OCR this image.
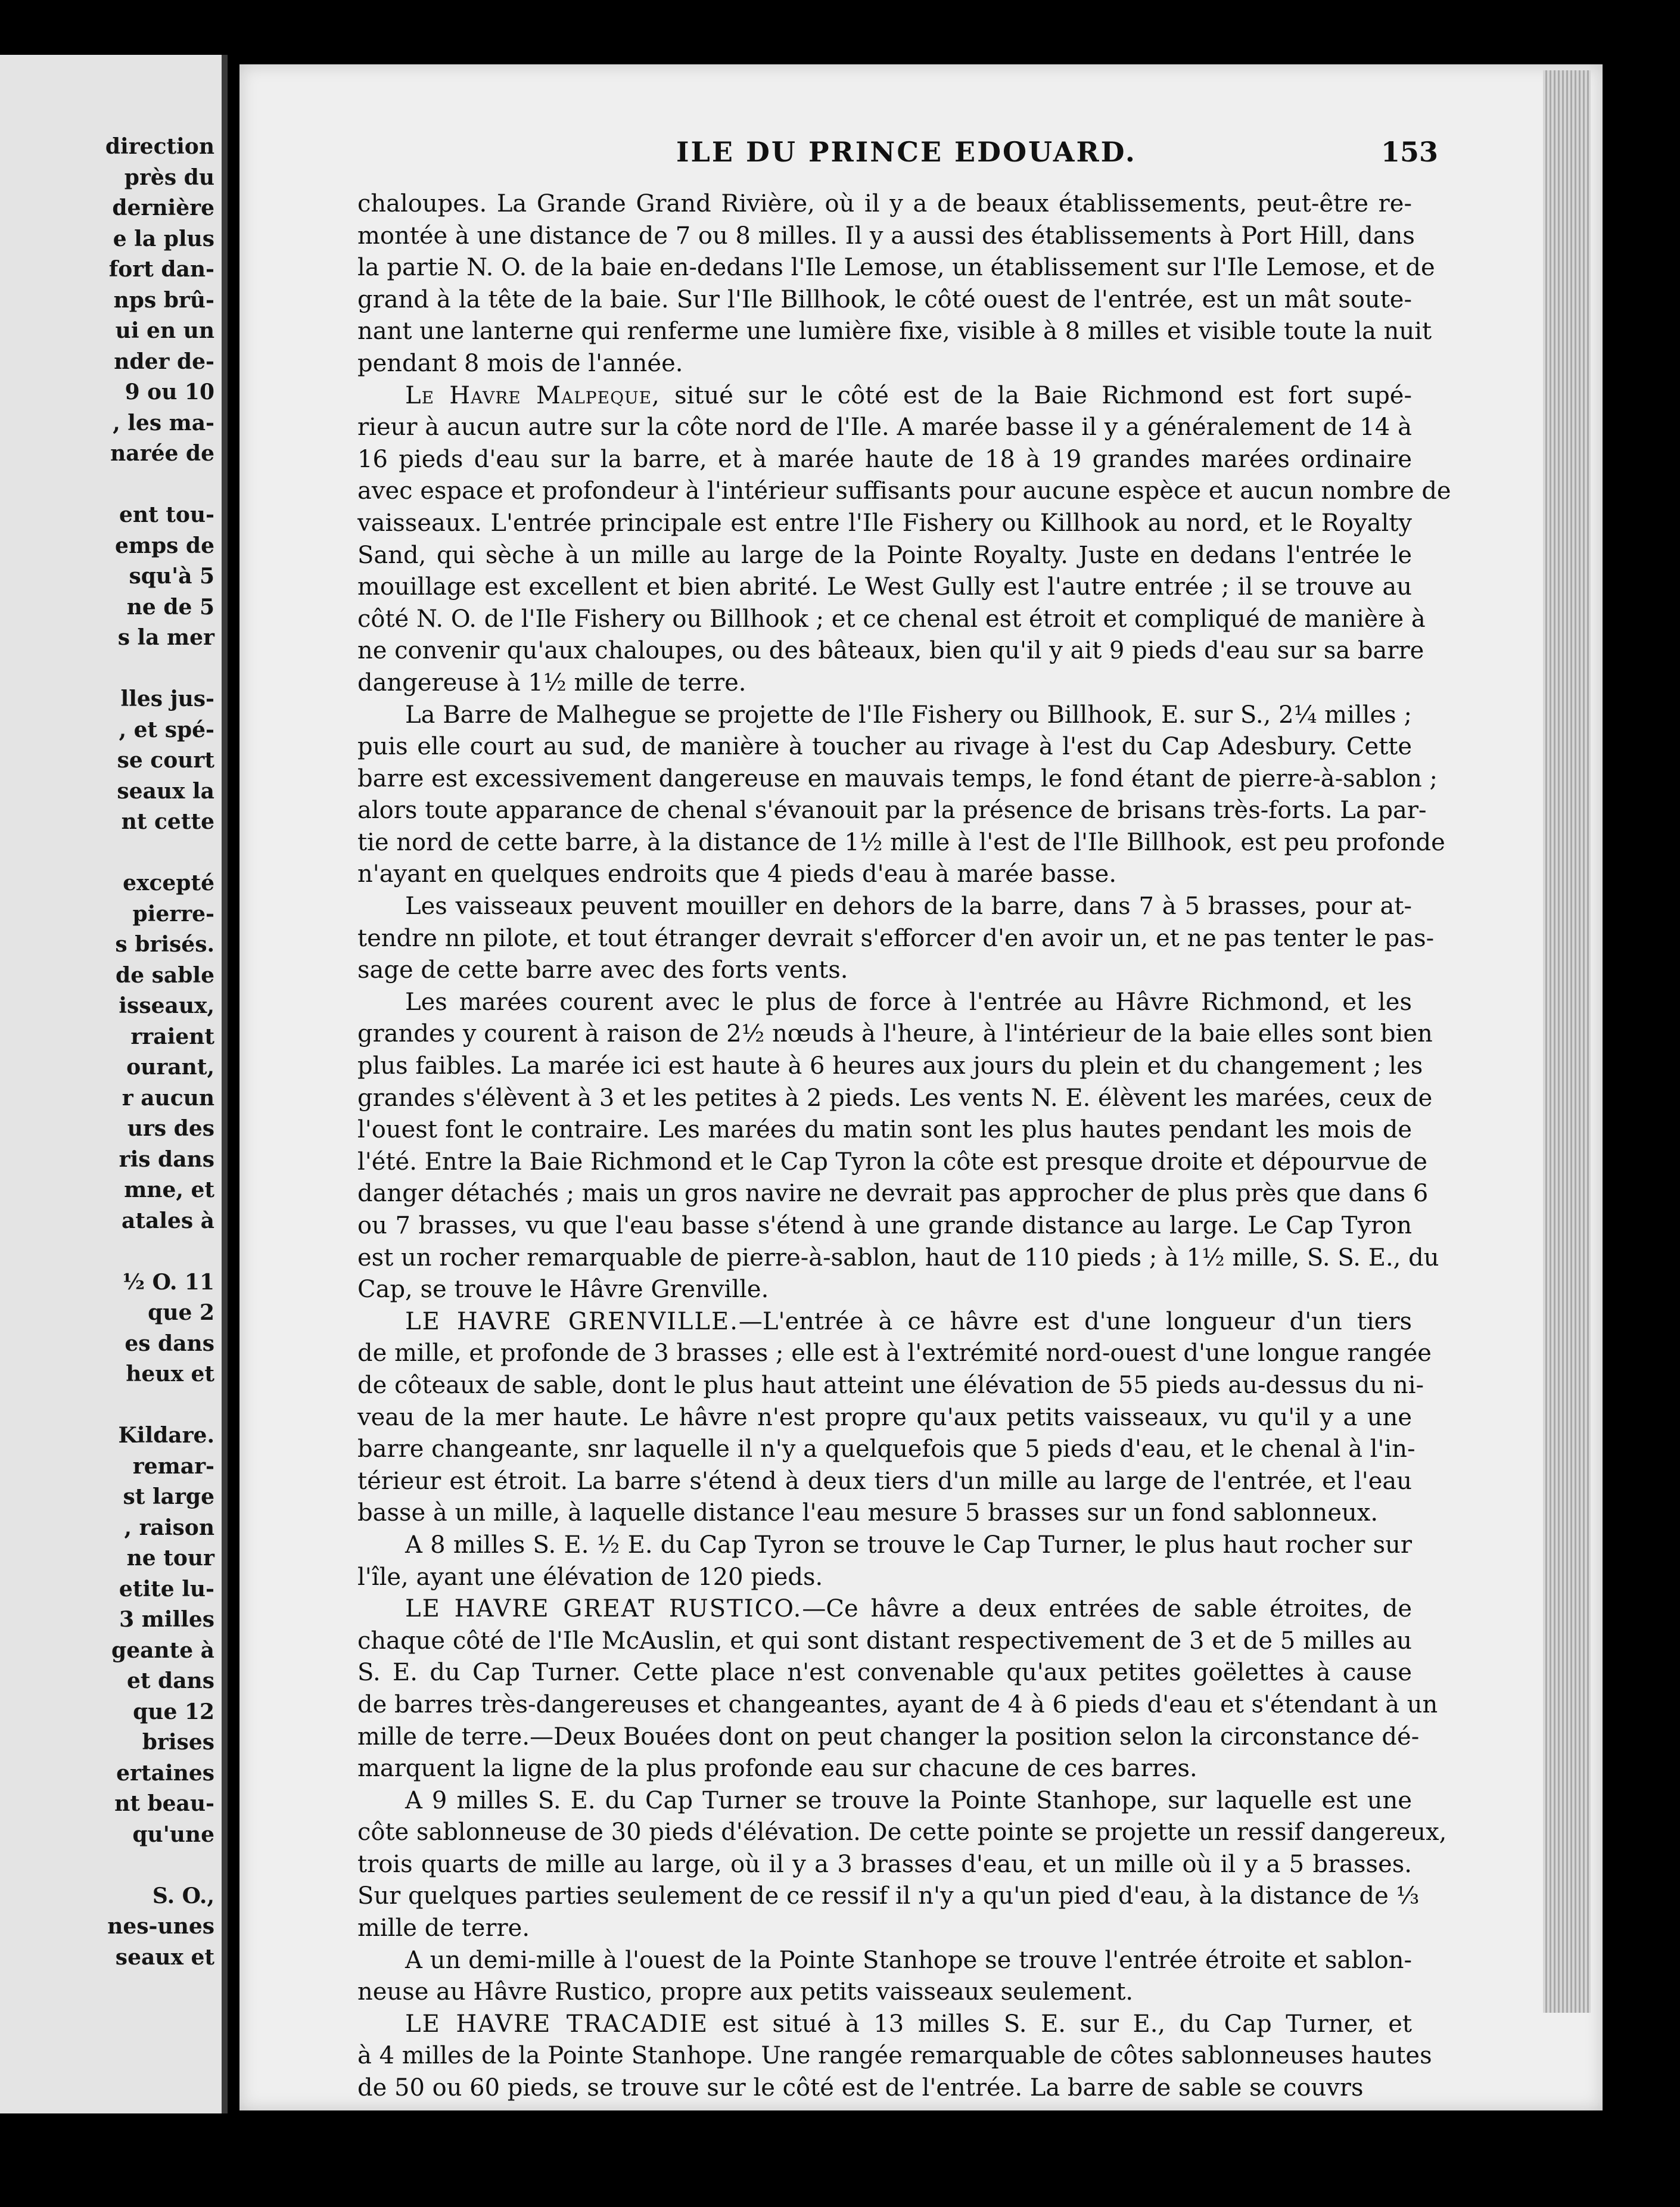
direction
près du
dernière
e la plus
fort dan-
nps brû-
ui en un
nder de-
9 ou 10
, les ma-
narée de
ent tou-
emps de
squ'à 5
ne de 5
s la mer
lles jus-
, et spé-
se court
seaux la
nt cette
excepté
pierre-
s brisés.
de sable
isseaux,
rraient
ourant,
r aucun
urs des
ris dans
mne, et
atales à
½ O. 11
que 2
es dans
heux et
Kildare.
remar-
st large
, raison
ne tour
etite lu-
3 milles
geante à
et dans
que 12
brises
ertaines
nt beau-
qu'une
S. O.,
nes-unes
seaux et
ILE DU PRINCE EDOUARD.	153
chaloupes. La Grande Grand Rivière, où il y a de beaux établissements, peut-être re-
montée à une distance de 7 ou 8 milles. Il y a aussi des établissements à Port Hill, dans
la partie N. O. de la baie en-dedans l'Ile Lemose, un établissement sur l'Ile Lemose, et de
grand à la tête de la baie. Sur l'Ile Billhook, le côté ouest de l'entrée, est un mât soute-
nant une lanterne qui renferme une lumière fixe, visible à 8 milles et visible toute la nuit
pendant 8 mois de l'année.
Le Havre Malpeque, situé sur le côté est de la Baie Richmond est fort supé-
rieur à aucun autre sur la côte nord de l'Ile. A marée basse il y a généralement de 14 à
16 pieds d'eau sur la barre, et à marée haute de 18 à 19 grandes marées ordinaire
avec espace et profondeur à l'intérieur suffisants pour aucune espèce et aucun nombre de
vaisseaux. L'entrée principale est entre l'Ile Fishery ou Killhook au nord, et le Royalty
Sand, qui sèche à un mille au large de la Pointe Royalty. Juste en dedans l'entrée le
mouillage est excellent et bien abrité. Le West Gully est l'autre entrée ; il se trouve au
côté N. O. de l'Ile Fishery ou Billhook ; et ce chenal est étroit et compliqué de manière à
ne convenir qu'aux chaloupes, ou des bâteaux, bien qu'il y ait 9 pieds d'eau sur sa barre
dangereuse à 1½ mille de terre.
La Barre de Malhegue se projette de l'Ile Fishery ou Billhook, E. sur S., 2¼ milles ;
puis elle court au sud, de manière à toucher au rivage à l'est du Cap Adesbury. Cette
barre est excessivement dangereuse en mauvais temps, le fond étant de pierre-à-sablon ;
alors toute apparance de chenal s'évanouit par la présence de brisans très-forts. La par-
tie nord de cette barre, à la distance de 1½ mille à l'est de l'Ile Billhook, est peu profonde
n'ayant en quelques endroits que 4 pieds d'eau à marée basse.
Les vaisseaux peuvent mouiller en dehors de la barre, dans 7 à 5 brasses, pour at-
tendre nn pilote, et tout étranger devrait s'efforcer d'en avoir un, et ne pas tenter le pas-
sage de cette barre avec des forts vents.
Les marées courent avec le plus de force à l'entrée au Hâvre Richmond, et les
grandes y courent à raison de 2½ nœuds à l'heure, à l'intérieur de la baie elles sont bien
plus faibles. La marée ici est haute à 6 heures aux jours du plein et du changement ; les
grandes s'élèvent à 3 et les petites à 2 pieds. Les vents N. E. élèvent les marées, ceux de
l'ouest font le contraire. Les marées du matin sont les plus hautes pendant les mois de
l'été. Entre la Baie Richmond et le Cap Tyron la côte est presque droite et dépourvue de
danger détachés ; mais un gros navire ne devrait pas approcher de plus près que dans 6
ou 7 brasses, vu que l'eau basse s'étend à une grande distance au large. Le Cap Tyron
est un rocher remarquable de pierre-à-sablon, haut de 110 pieds ; à 1½ mille, S. S. E., du
Cap, se trouve le Hâvre Grenville.
LE HAVRE GRENVILLE.—L'entrée à ce hâvre est d'une longueur d'un tiers
de mille, et profonde de 3 brasses ; elle est à l'extrémité nord-ouest d'une longue rangée
de côteaux de sable, dont le plus haut atteint une élévation de 55 pieds au-dessus du ni-
veau de la mer haute. Le hâvre n'est propre qu'aux petits vaisseaux, vu qu'il y a une
barre changeante, snr laquelle il n'y a quelquefois que 5 pieds d'eau, et le chenal à l'in-
térieur est étroit. La barre s'étend à deux tiers d'un mille au large de l'entrée, et l'eau
basse à un mille, à laquelle distance l'eau mesure 5 brasses sur un fond sablonneux.
A 8 milles S. E. ½ E. du Cap Tyron se trouve le Cap Turner, le plus haut rocher sur
l'île, ayant une élévation de 120 pieds.
LE HAVRE GREAT RUSTICO.—Ce hâvre a deux entrées de sable étroites, de
chaque côté de l'Ile McAuslin, et qui sont distant respectivement de 3 et de 5 milles au
S. E. du Cap Turner. Cette place n'est convenable qu'aux petites goëlettes à cause
de barres très-dangereuses et changeantes, ayant de 4 à 6 pieds d'eau et s'étendant à un
mille de terre.—Deux Bouées dont on peut changer la position selon la circonstance dé-
marquent la ligne de la plus profonde eau sur chacune de ces barres.
A 9 milles S. E. du Cap Turner se trouve la Pointe Stanhope, sur laquelle est une
côte sablonneuse de 30 pieds d'élévation. De cette pointe se projette un ressif dangereux,
trois quarts de mille au large, où il y a 3 brasses d'eau, et un mille où il y a 5 brasses.
Sur quelques parties seulement de ce ressif il n'y a qu'un pied d'eau, à la distance de ⅓
mille de terre.
A un demi-mille à l'ouest de la Pointe Stanhope se trouve l'entrée étroite et sablon-
neuse au Hâvre Rustico, propre aux petits vaisseaux seulement.
LE HAVRE TRACADIE est situé à 13 milles S. E. sur E., du Cap Turner, et
à 4 milles de la Pointe Stanhope. Une rangée remarquable de côtes sablonneuses hautes
de 50 ou 60 pieds, se trouve sur le côté est de l'entrée. La barre de sable se couvrs
